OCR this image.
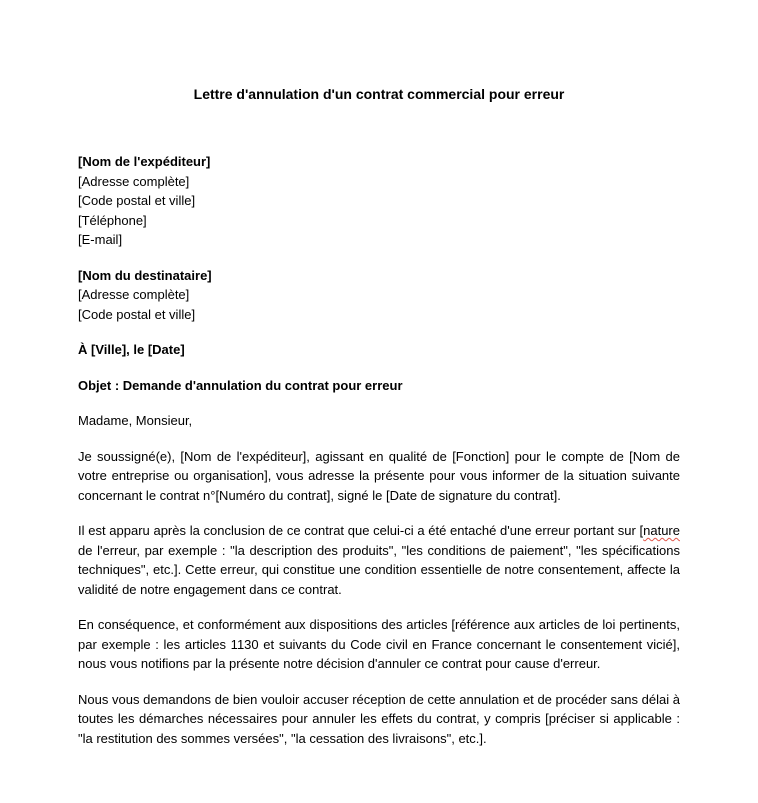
Lettre d'annulation d'un contrat commercial pour erreur
[Nom de l'expéditeur]
[Adresse complète]
[Code postal et ville]
[Téléphone]
[E-mail]
[Nom du destinataire]
[Adresse complète]
[Code postal et ville]
À [Ville], le [Date]
Objet : Demande d'annulation du contrat pour erreur
Madame, Monsieur,

Je soussigné(e), [Nom de l'expéditeur], agissant en qualité de [Fonction] pour le compte de [Nom de votre entreprise ou organisation], vous adresse la présente pour vous informer de la situation suivante concernant le contrat n°[Numéro du contrat], signé le [Date de signature du contrat].

Il est apparu après la conclusion de ce contrat que celui-ci a été entaché d'une erreur portant sur [nature de l'erreur, par exemple : "la description des produits", "les conditions de paiement", "les spécifications techniques", etc.]. Cette erreur, qui constitue une condition essentielle de notre consentement, affecte la validité de notre engagement dans ce contrat.

En conséquence, et conformément aux dispositions des articles [référence aux articles de loi pertinents, par exemple : les articles 1130 et suivants du Code civil en France concernant le consentement vicié], nous vous notifions par la présente notre décision d'annuler ce contrat pour cause d'erreur.

Nous vous demandons de bien vouloir accuser réception de cette annulation et de procéder sans délai à toutes les démarches nécessaires pour annuler les effets du contrat, y compris [préciser si applicable : "la restitution des sommes versées", "la cessation des livraisons", etc.].
